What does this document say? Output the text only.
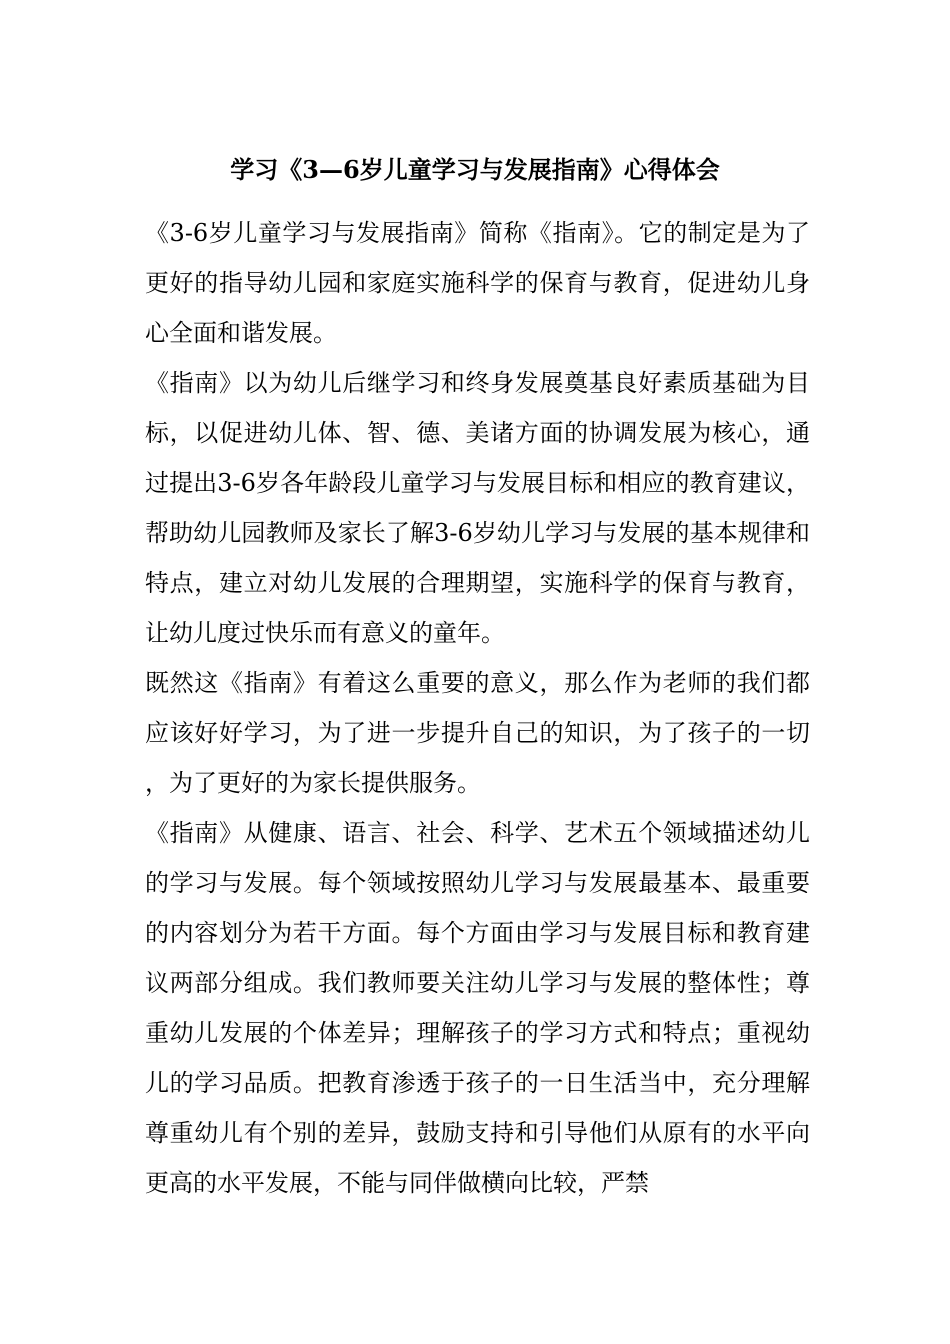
学习《3—6岁儿童学习与发展指南》心得体会

《3-6岁儿童学习与发展指南》简称《指南》。它的制定是为了更好的指导幼儿园和家庭实施科学的保育与教育，促进幼儿身心全面和谐发展。

《指南》以为幼儿后继学习和终身发展奠基良好素质基础为目标，以促进幼儿体、智、德、美诸方面的协调发展为核心，通过提出3-6岁各年龄段儿童学习与发展目标和相应的教育建议，帮助幼儿园教师及家长了解3-6岁幼儿学习与发展的基本规律和特点，建立对幼儿发展的合理期望，实施科学的保育与教育，让幼儿度过快乐而有意义的童年。

既然这《指南》有着这么重要的意义，那么作为老师的我们都应该好好学习，为了进一步提升自己的知识，为了孩子的一切，为了更好的为家长提供服务。

《指南》从健康、语言、社会、科学、艺术五个领域描述幼儿的学习与发展。每个领域按照幼儿学习与发展最基本、最重要的内容划分为若干方面。每个方面由学习与发展目标和教育建议两部分组成。我们教师要关注幼儿学习与发展的整体性；尊重幼儿发展的个体差异；理解孩子的学习方式和特点；重视幼儿的学习品质。把教育渗透于孩子的一日生活当中，充分理解尊重幼儿有个别的差异，鼓励支持和引导他们从原有的水平向更高的水平发展，不能与同伴做横向比较，严禁
